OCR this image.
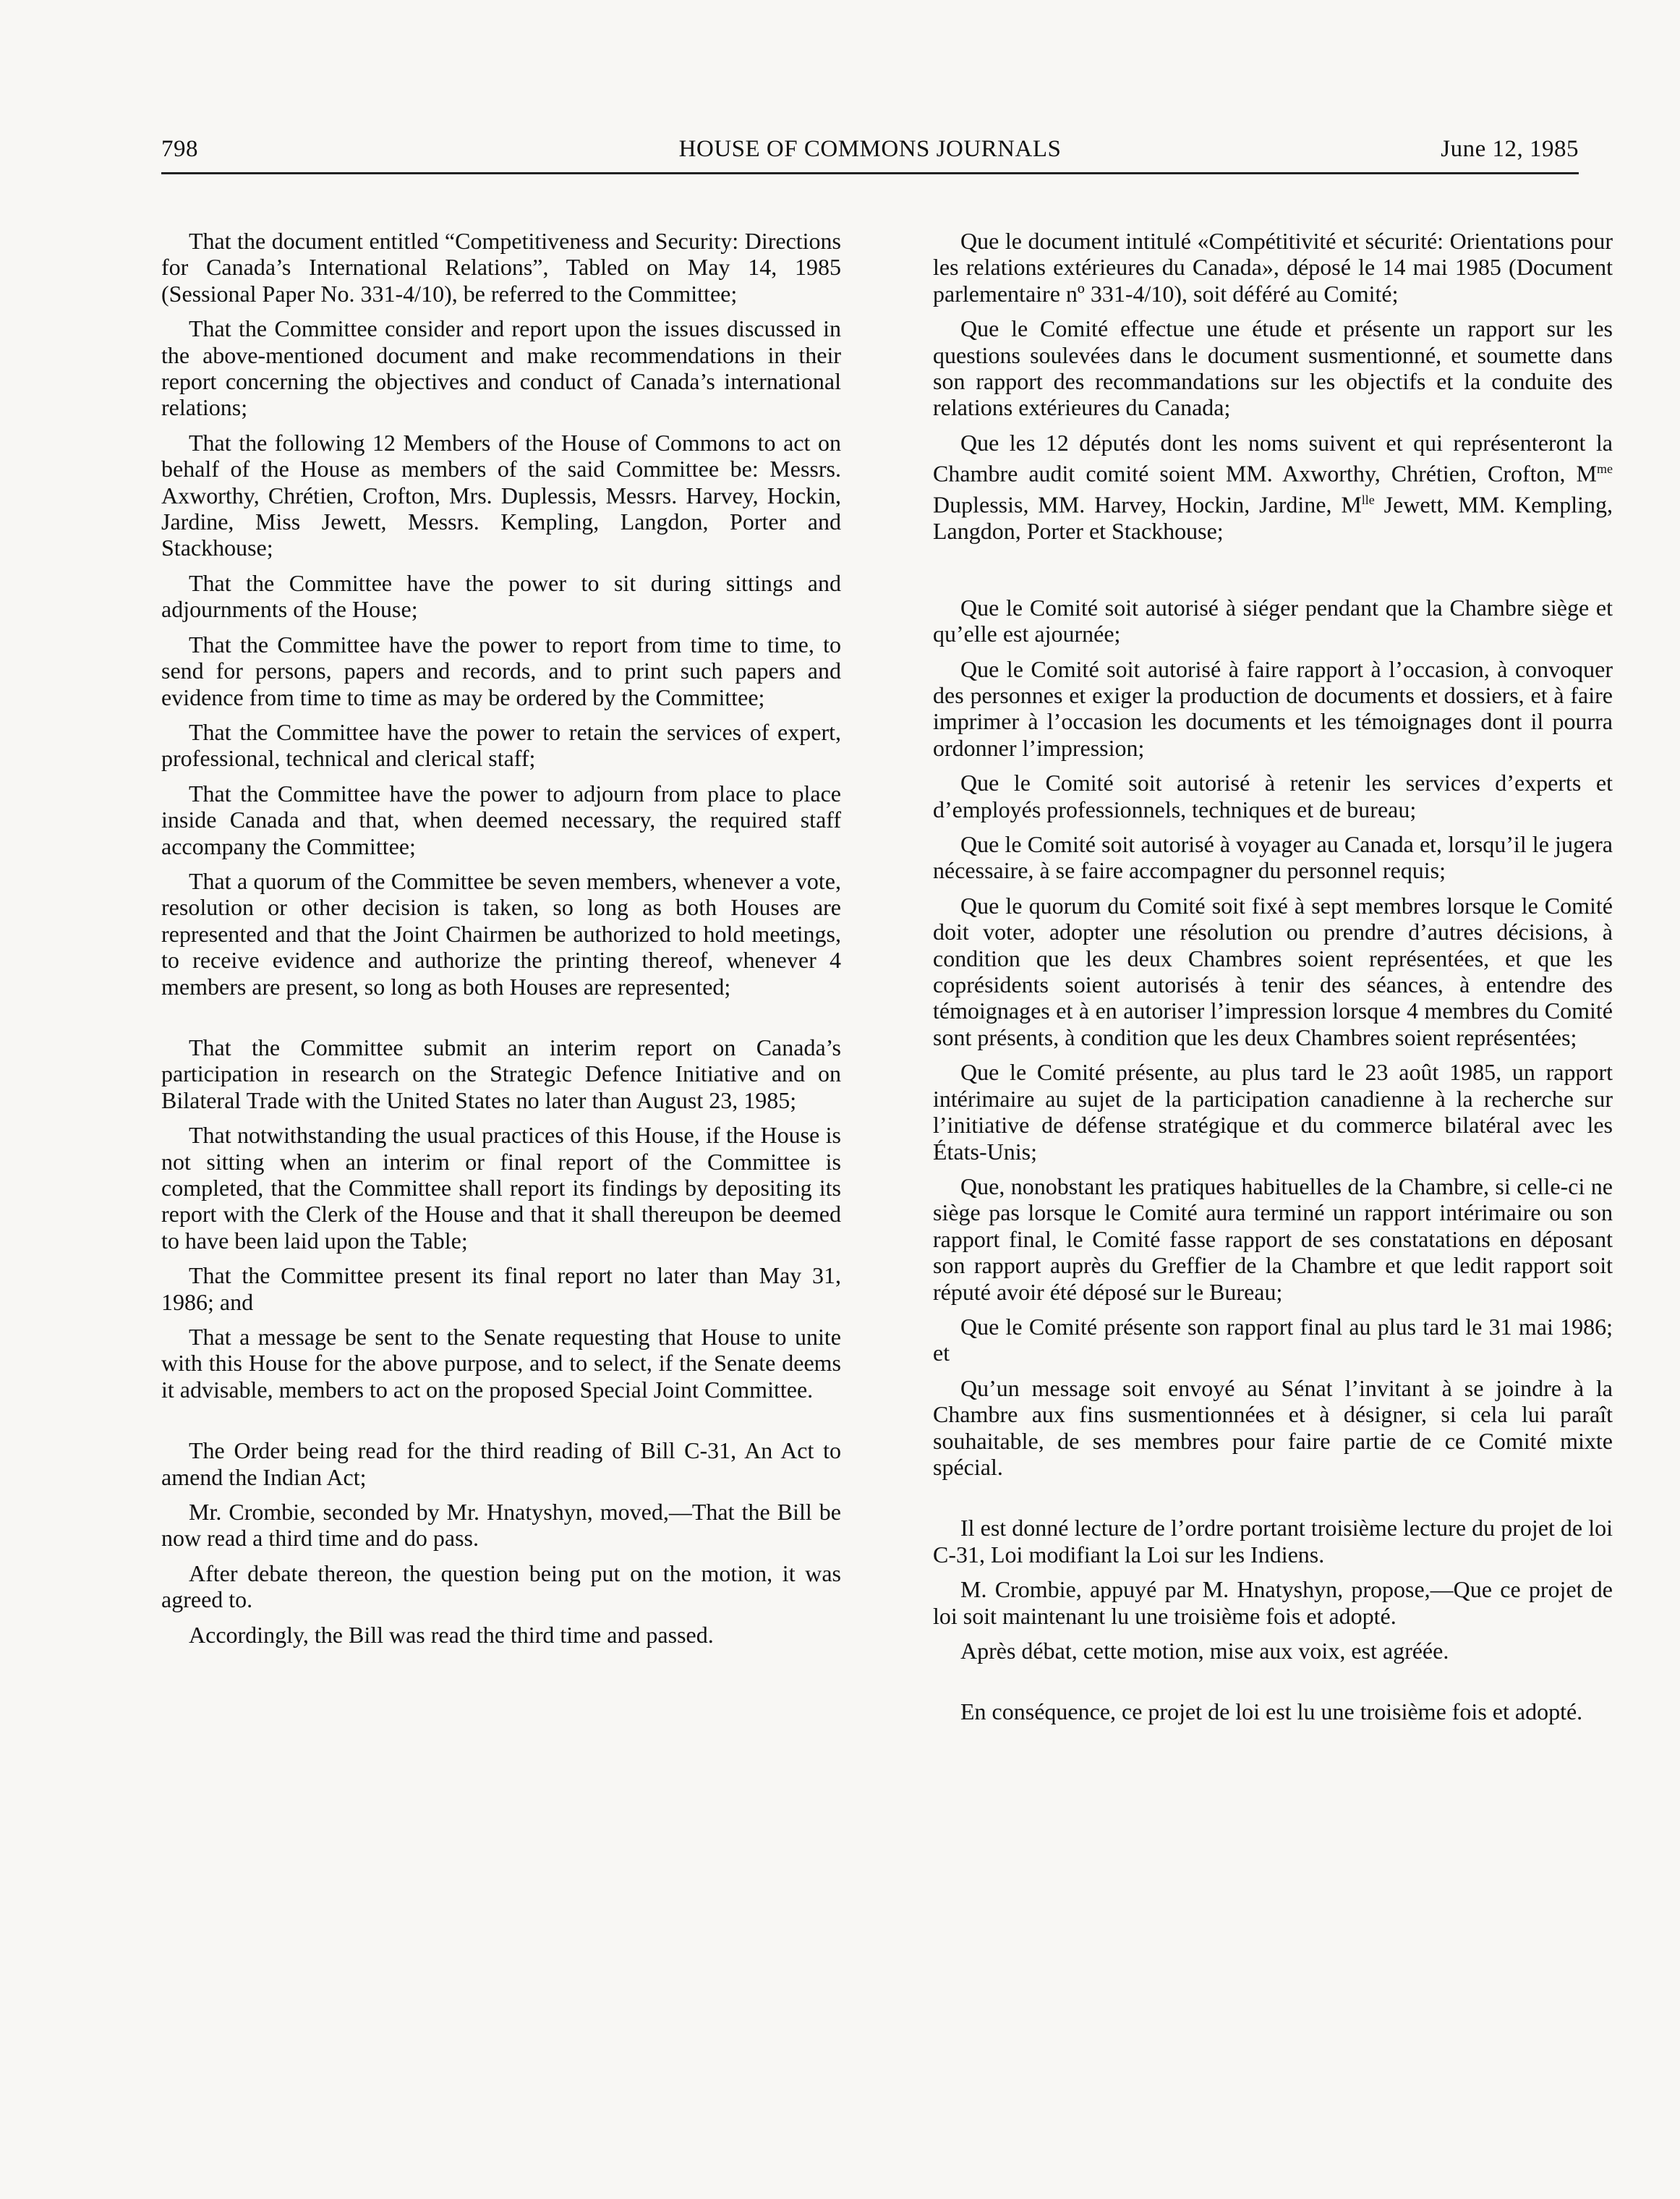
798	HOUSE OF COMMONS JOURNALS	June 12, 1985

That the document entitled “Competitiveness and Security: Directions for Canada’s International Relations”, Tabled on May 14, 1985 (Sessional Paper No. 331-4/10), be referred to the Committee;

That the Committee consider and report upon the issues discussed in the above-mentioned document and make recommendations in their report concerning the objectives and conduct of Canada’s international relations;

That the following 12 Members of the House of Commons to act on behalf of the House as members of the said Committee be: Messrs. Axworthy, Chrétien, Crofton, Mrs. Duplessis, Messrs. Harvey, Hockin, Jardine, Miss Jewett, Messrs. Kempling, Langdon, Porter and Stackhouse;

That the Committee have the power to sit during sittings and adjournments of the House;

That the Committee have the power to report from time to time, to send for persons, papers and records, and to print such papers and evidence from time to time as may be ordered by the Committee;

That the Committee have the power to retain the services of expert, professional, technical and clerical staff;

That the Committee have the power to adjourn from place to place inside Canada and that, when deemed necessary, the required staff accompany the Committee;

That a quorum of the Committee be seven members, whenever a vote, resolution or other decision is taken, so long as both Houses are represented and that the Joint Chairmen be authorized to hold meetings, to receive evidence and authorize the printing thereof, whenever 4 members are present, so long as both Houses are represented;

That the Committee submit an interim report on Canada’s participation in research on the Strategic Defence Initiative and on Bilateral Trade with the United States no later than August 23, 1985;

That notwithstanding the usual practices of this House, if the House is not sitting when an interim or final report of the Committee is completed, that the Committee shall report its findings by depositing its report with the Clerk of the House and that it shall thereupon be deemed to have been laid upon the Table;

That the Committee present its final report no later than May 31, 1986; and

That a message be sent to the Senate requesting that House to unite with this House for the above purpose, and to select, if the Senate deems it advisable, members to act on the proposed Special Joint Committee.

The Order being read for the third reading of Bill C-31, An Act to amend the Indian Act;

Mr. Crombie, seconded by Mr. Hnatyshyn, moved,—That the Bill be now read a third time and do pass.

After debate thereon, the question being put on the motion, it was agreed to.

Accordingly, the Bill was read the third time and passed.

Que le document intitulé «Compétitivité et sécurité: Orientations pour les relations extérieures du Canada», déposé le 14 mai 1985 (Document parlementaire nº 331-4/10), soit déféré au Comité;

Que le Comité effectue une étude et présente un rapport sur les questions soulevées dans le document susmentionné, et soumette dans son rapport des recommandations sur les objectifs et la conduite des relations extérieures du Canada;

Que les 12 députés dont les noms suivent et qui représenteront la Chambre audit comité soient MM. Axworthy, Chrétien, Crofton, $M^{me}$ Duplessis, MM. Harvey, Hockin, Jardine, $M^{lle}$ Jewett, MM. Kempling, Langdon, Porter et Stackhouse;

Que le Comité soit autorisé à siéger pendant que la Chambre siège et qu’elle est ajournée;

Que le Comité soit autorisé à faire rapport à l’occasion, à convoquer des personnes et exiger la production de documents et dossiers, et à faire imprimer à l’occasion les documents et les témoignages dont il pourra ordonner l’impression;

Que le Comité soit autorisé à retenir les services d’experts et d’employés professionnels, techniques et de bureau;

Que le Comité soit autorisé à voyager au Canada et, lorsqu’il le jugera nécessaire, à se faire accompagner du personnel requis;

Que le quorum du Comité soit fixé à sept membres lorsque le Comité doit voter, adopter une résolution ou prendre d’autres décisions, à condition que les deux Chambres soient représentées, et que les coprésidents soient autorisés à tenir des séances, à entendre des témoignages et à en autoriser l’impression lorsque 4 membres du Comité sont présents, à condition que les deux Chambres soient représentées;

Que le Comité présente, au plus tard le 23 août 1985, un rapport intérimaire au sujet de la participation canadienne à la recherche sur l’initiative de défense stratégique et du commerce bilatéral avec les États-Unis;

Que, nonobstant les pratiques habituelles de la Chambre, si celle-ci ne siège pas lorsque le Comité aura terminé un rapport intérimaire ou son rapport final, le Comité fasse rapport de ses constatations en déposant son rapport auprès du Greffier de la Chambre et que ledit rapport soit réputé avoir été déposé sur le Bureau;

Que le Comité présente son rapport final au plus tard le 31 mai 1986; et

Qu’un message soit envoyé au Sénat l’invitant à se joindre à la Chambre aux fins susmentionnées et à désigner, si cela lui paraît souhaitable, de ses membres pour faire partie de ce Comité mixte spécial.

Il est donné lecture de l’ordre portant troisième lecture du projet de loi C-31, Loi modifiant la Loi sur les Indiens.

M. Crombie, appuyé par M. Hnatyshyn, propose,—Que ce projet de loi soit maintenant lu une troisième fois et adopté.

Après débat, cette motion, mise aux voix, est agréée.

En conséquence, ce projet de loi est lu une troisième fois et adopté.
